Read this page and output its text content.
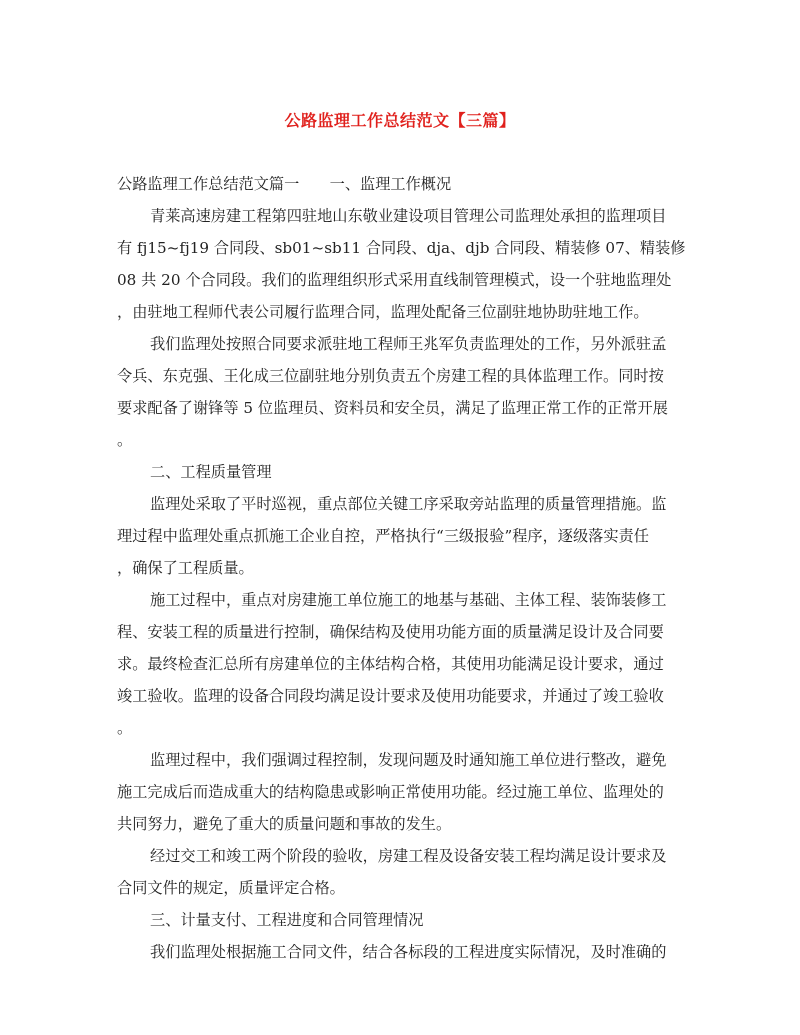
公路监理工作总结范文【三篇】
公路监理工作总结范文篇一　　一、监理工作概况
青莱高速房建工程第四驻地山东敬业建设项目管理公司监理处承担的监理项目
有 fj15~fj19 合同段、sb01~sb11 合同段、dja、djb 合同段、精装修 07、精装修
08 共 20 个合同段。我们的监理组织形式采用直线制管理模式，设一个驻地监理处
，由驻地工程师代表公司履行监理合同，监理处配备三位副驻地协助驻地工作。
我们监理处按照合同要求派驻地工程师王兆军负责监理处的工作，另外派驻孟
令兵、东克强、王化成三位副驻地分别负责五个房建工程的具体监理工作。同时按
要求配备了谢锋等 5 位监理员、资料员和安全员，满足了监理正常工作的正常开展
。
二、工程质量管理
监理处采取了平时巡视，重点部位关键工序采取旁站监理的质量管理措施。监
理过程中监理处重点抓施工企业自控，严格执行“三级报验”程序，逐级落实责任
，确保了工程质量。
施工过程中，重点对房建施工单位施工的地基与基础、主体工程、装饰装修工
程、安装工程的质量进行控制，确保结构及使用功能方面的质量满足设计及合同要
求。最终检查汇总所有房建单位的主体结构合格，其使用功能满足设计要求，通过
竣工验收。监理的设备合同段均满足设计要求及使用功能要求，并通过了竣工验收
。
监理过程中，我们强调过程控制，发现问题及时通知施工单位进行整改，避免
施工完成后而造成重大的结构隐患或影响正常使用功能。经过施工单位、监理处的
共同努力，避免了重大的质量问题和事故的发生。
经过交工和竣工两个阶段的验收，房建工程及设备安装工程均满足设计要求及
合同文件的规定，质量评定合格。
三、计量支付、工程进度和合同管理情况
我们监理处根据施工合同文件，结合各标段的工程进度实际情况，及时准确的
